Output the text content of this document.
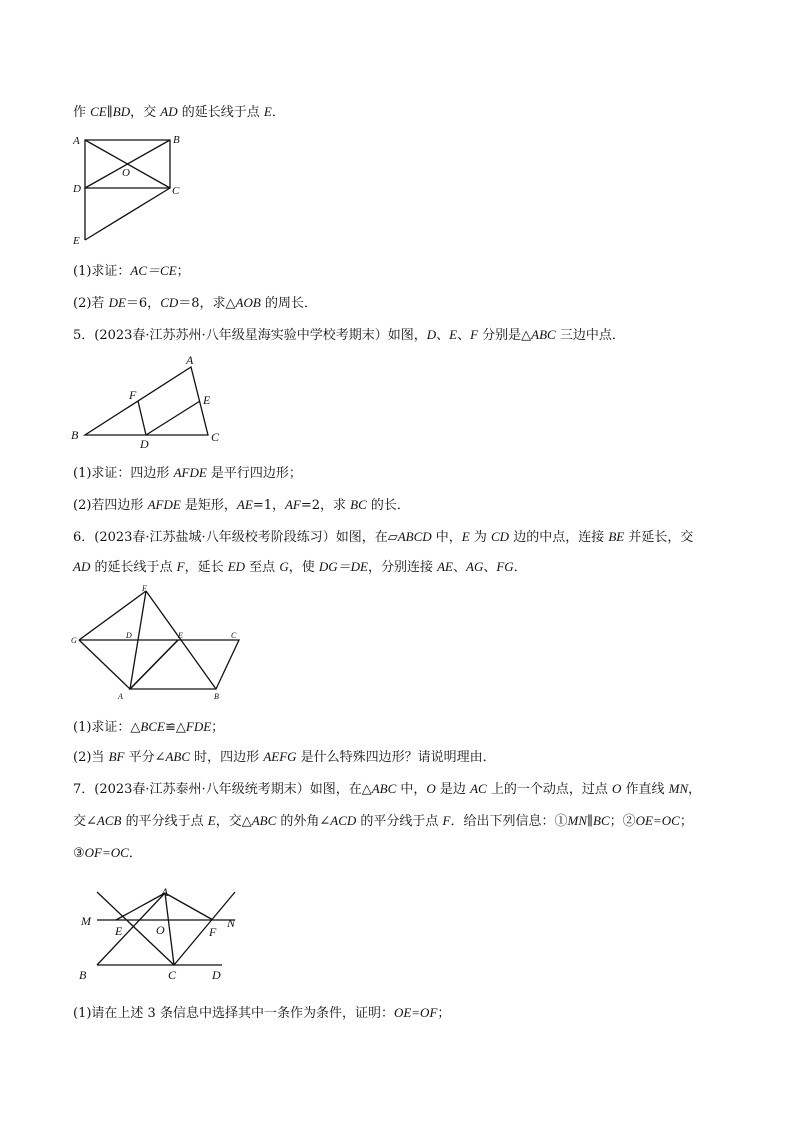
作 CE∥BD，交 AD 的延长线于点 E．
A	B
O
D	C
E
(1)求证：AC＝CE；
(2)若 DE＝6，CD＝8，求△AOB 的周长．
5．(2023春·江苏苏州·八年级星海实验中学校考期末）如图，D、E、F 分别是△ABC 三边中点．
A
F	E
B
D	C
(1)求证：四边形 AFDE 是平行四边形；
(2)若四边形 AFDE 是矩形，AE=1，AF=2，求 BC 的长．
6．(2023春·江苏盐城·八年级校考阶段练习）如图，在▱ABCD 中，E 为 CD 边的中点，连接 BE 并延长，交
AD 的延长线于点 F，延长 ED 至点 G，使 DG＝DE，分别连接 AE、AG、FG．
F
G
D	E	C
A	B
(1)求证：△BCE≌△FDE；
(2)当 BF 平分∠ABC 时，四边形 AEFG 是什么特殊四边形？请说明理由．
7．(2023春·江苏泰州·八年级统考期末）如图，在△ABC 中，O 是边 AC 上的一个动点，过点 O 作直线 MN，
交∠ACB 的平分线于点 E，交△ABC 的外角∠ACD 的平分线于点 F．给出下列信息：①MN∥BC；②OE=OC；
③OF=OC．
A
M
E	O	F
N
B	C	D
(1)请在上述 3 条信息中选择其中一条作为条件，证明：OE=OF；
